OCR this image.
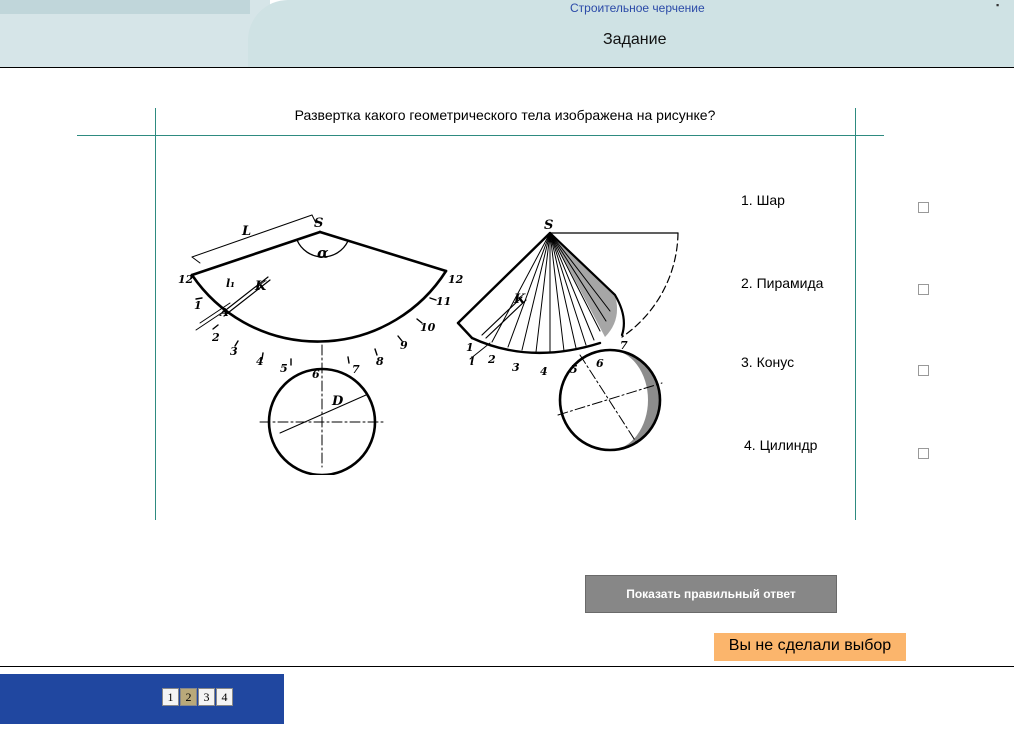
Строительное черчение
Задание
▪
Развертка какого геометрического тела изображена на рисунке?
S
α
L
l₁ K
A
D
S
K
l
12
1
2
3
4
5 6	7
8
9
10
11
12
1
2
3 4 5 6
7
1. Шар
2. Пирамида
3. Конус
4. Цилиндр
Показать правильный ответ
Вы не сделали выбор
1	2	3	4
